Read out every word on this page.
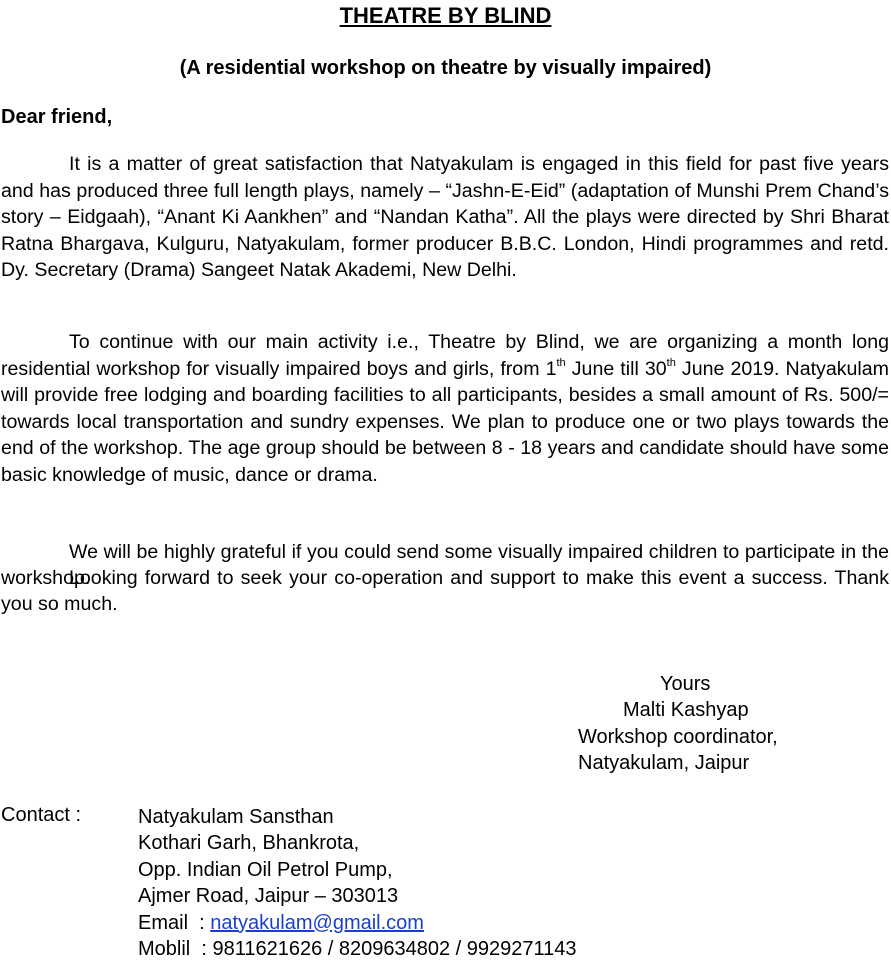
THEATRE BY BLIND
(A residential workshop on theatre by visually impaired)
Dear friend,
It is a matter of great satisfaction that Natyakulam is engaged in this field for past five years and has produced three full length plays, namely – “Jashn-E-Eid” (adaptation of Munshi Prem Chand’s story – Eidgaah), “Anant Ki Aankhen” and “Nandan Katha”. All the plays were directed by Shri Bharat Ratna Bhargava, Kulguru, Natyakulam, former producer B.B.C. London, Hindi programmes and retd. Dy. Secretary (Drama) Sangeet Natak Akademi, New Delhi.
To continue with our main activity i.e., Theatre by Blind, we are organizing a month long residential workshop for visually impaired boys and girls, from 1th June till 30th June 2019. Natyakulam will provide free lodging and boarding facilities to all participants, besides a small amount of Rs. 500/= towards local transportation and sundry expenses. We plan to produce one or two plays towards the end of the workshop. The age group should be between 8 - 18 years and candidate should have some basic knowledge of music, dance or drama.
We will be highly grateful if you could send some visually impaired children to participate in the workshop.
Looking forward to seek your co-operation and support to make this event a success. Thank you so much.
Yours
Malti Kashyap
Workshop coordinator,
Natyakulam, Jaipur
Contact :	Natyakulam Sansthan
Kothari Garh, Bhankrota,
Opp. Indian Oil Petrol Pump,
Ajmer Road, Jaipur – 303013
Email  : natyakulam@gmail.com
Moblil  : 9811621626 / 8209634802 / 9929271143
